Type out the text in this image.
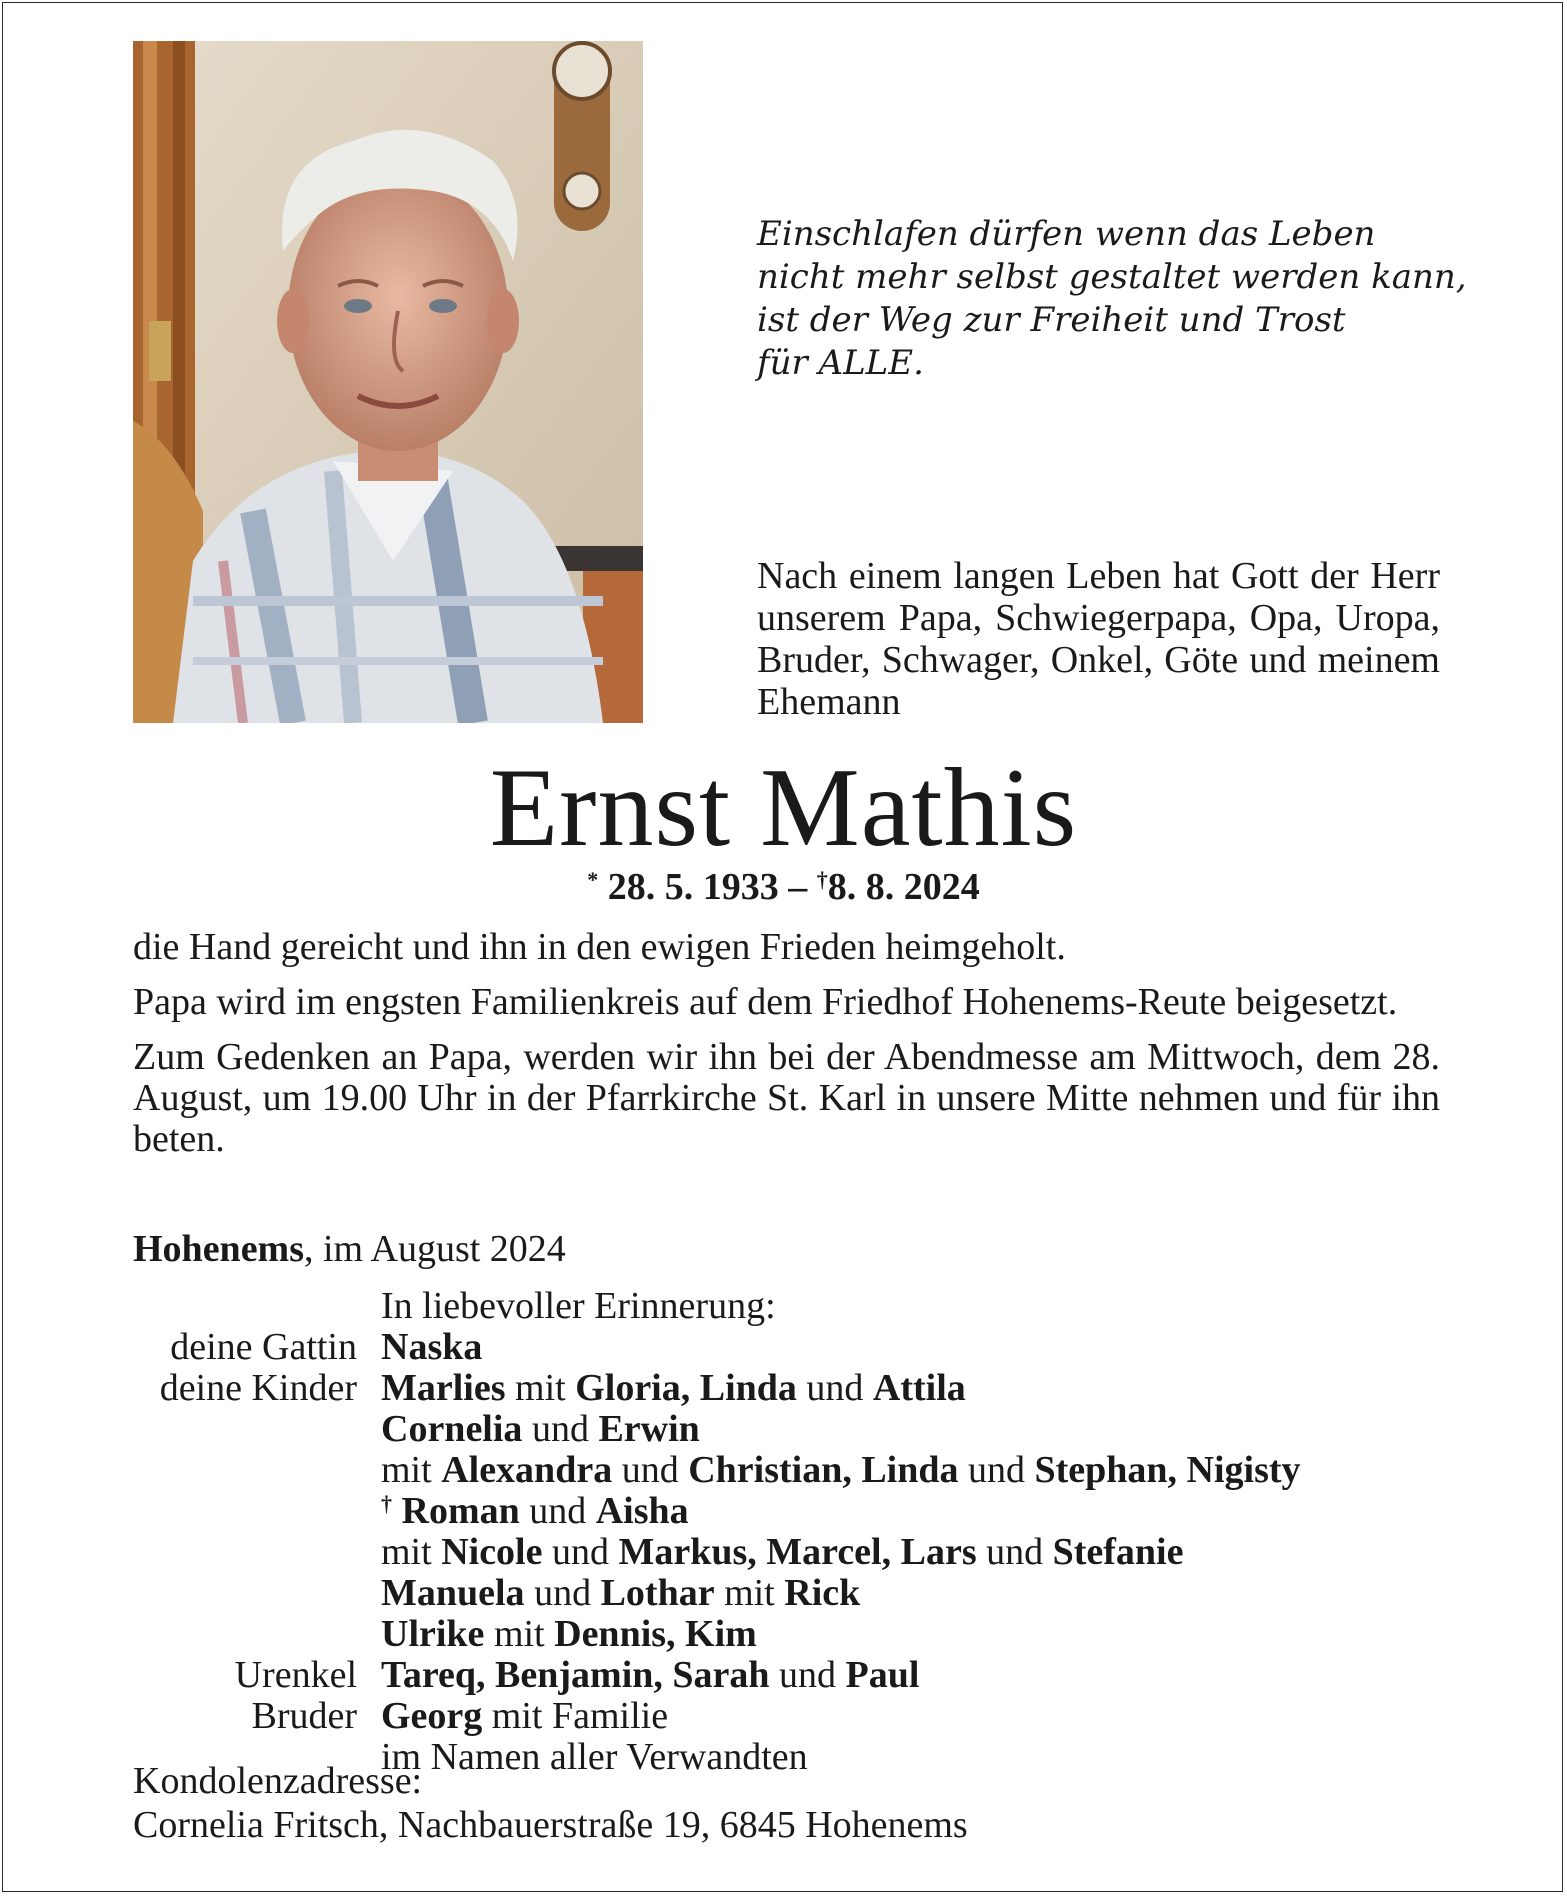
Einschlafen dürfen wenn das Leben
nicht mehr selbst gestaltet werden kann,
ist der Weg zur Freiheit und Trost
für ALLE.
Nach einem langen Leben hat Gott der Herr unserem Papa, Schwiegerpapa, Opa, Uropa, Bruder, Schwager, Onkel, Göte und meinem Ehemann
Ernst Mathis
* 28. 5. 1933 – †8. 8. 2024

die Hand gereicht und ihn in den ewigen Frieden heimgeholt.

Papa wird im engsten Familienkreis auf dem Friedhof Hohenems-Reute beigesetzt.

Zum Gedenken an Papa, werden wir ihn bei der Abendmesse am Mittwoch, dem 28. August, um 19.00 Uhr in der Pfarrkirche St. Karl in unsere Mitte nehmen und für ihn beten.

Hohenems, im August 2024
In liebevoller Erinnerung:
deine Gattin Naska
deine Kinder Marlies mit Gloria, Linda und Attila
Cornelia und Erwin
mit Alexandra und Christian, Linda und Stephan, Nigisty
† Roman und Aisha
mit Nicole und Markus, Marcel, Lars und Stefanie
Manuela und Lothar mit Rick
Ulrike mit Dennis, Kim
Urenkel Tareq, Benjamin, Sarah und Paul
Bruder Georg mit Familie
im Namen aller Verwandten
Kondolenzadresse:
Cornelia Fritsch, Nachbauerstraße 19, 6845 Hohenems
